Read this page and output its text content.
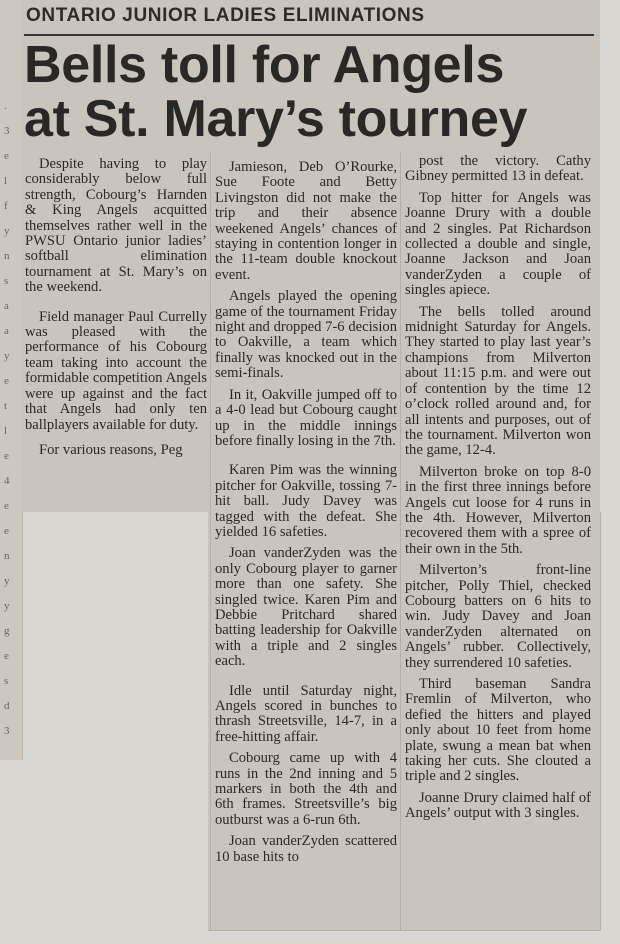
.
3
e
l
f
y
n
s
a
a
y
e
t
l
e
4
e
e
n
y
y
g
e
s
d
3
ONTARIO JUNIOR LADIES ELIMINATIONS
Bells toll for Angels
at St. Mary’s tourney

Despite having to play considerably below full strength, Cobourg’s Harnden & King Angels acquitted themselves rather well in the PWSU Ontario junior ladies’ softball elimination tournament at St. Mary’s on the weekend.

Field manager Paul Currelly was pleased with the performance of his Cobourg team taking into account the formidable competition Angels were up against and the fact that Angels had only ten ballplayers available for duty.

For various reasons, Peg

Jamieson, Deb O’Rourke, Sue Foote and Betty Livingston did not make the trip and their absence weekened Angels’ chances of staying in contention longer in the 11-team double knockout event.

Angels played the opening game of the tournament Friday night and dropped 7-6 decision to Oakville, a team which finally was knocked out in the semi-finals.

In it, Oakville jumped off to a 4-0 lead but Cobourg caught up in the middle innings before finally losing in the 7th.

Karen Pim was the winning pitcher for Oakville, tossing 7-hit ball. Judy Davey was tagged with the defeat. She yielded 16 safeties.

Joan vanderZyden was the only Cobourg player to garner more than one safety. She singled twice. Karen Pim and Debbie Pritchard shared batting leadership for Oakville with a triple and 2 singles each.

Idle until Saturday night, Angels scored in bunches to thrash Streetsville, 14-7, in a free-hitting affair.

Cobourg came up with 4 runs in the 2nd inning and 5 markers in both the 4th and 6th frames. Streetsville’s big outburst was a 6-run 6th.

Joan vanderZyden scattered 10 base hits to

post the victory. Cathy Gibney permitted 13 in defeat.

Top hitter for Angels was Joanne Drury with a double and 2 singles. Pat Richardson collected a double and single, Joanne Jackson and Joan vanderZyden a couple of singles apiece.

The bells tolled around midnight Saturday for Angels. They started to play last year’s champions from Milverton about 11:15 p.m. and were out of contention by the time 12 o’clock rolled around and, for all intents and purposes, out of the tournament. Milverton won the game, 12-4.

Milverton broke on top 8-0 in the first three innings before Angels cut loose for 4 runs in the 4th. However, Milverton recovered them with a spree of their own in the 5th.

Milverton’s front-line pitcher, Polly Thiel, checked Cobourg batters on 6 hits to win. Judy Davey and Joan vanderZyden alternated on Angels’ rubber. Collectively, they surrendered 10 safeties.

Third baseman Sandra Fremlin of Milverton, who defied the hitters and played only about 10 feet from home plate, swung a mean bat when taking her cuts. She clouted a triple and 2 singles.

Joanne Drury claimed half of Angels’ output with 3 singles.
